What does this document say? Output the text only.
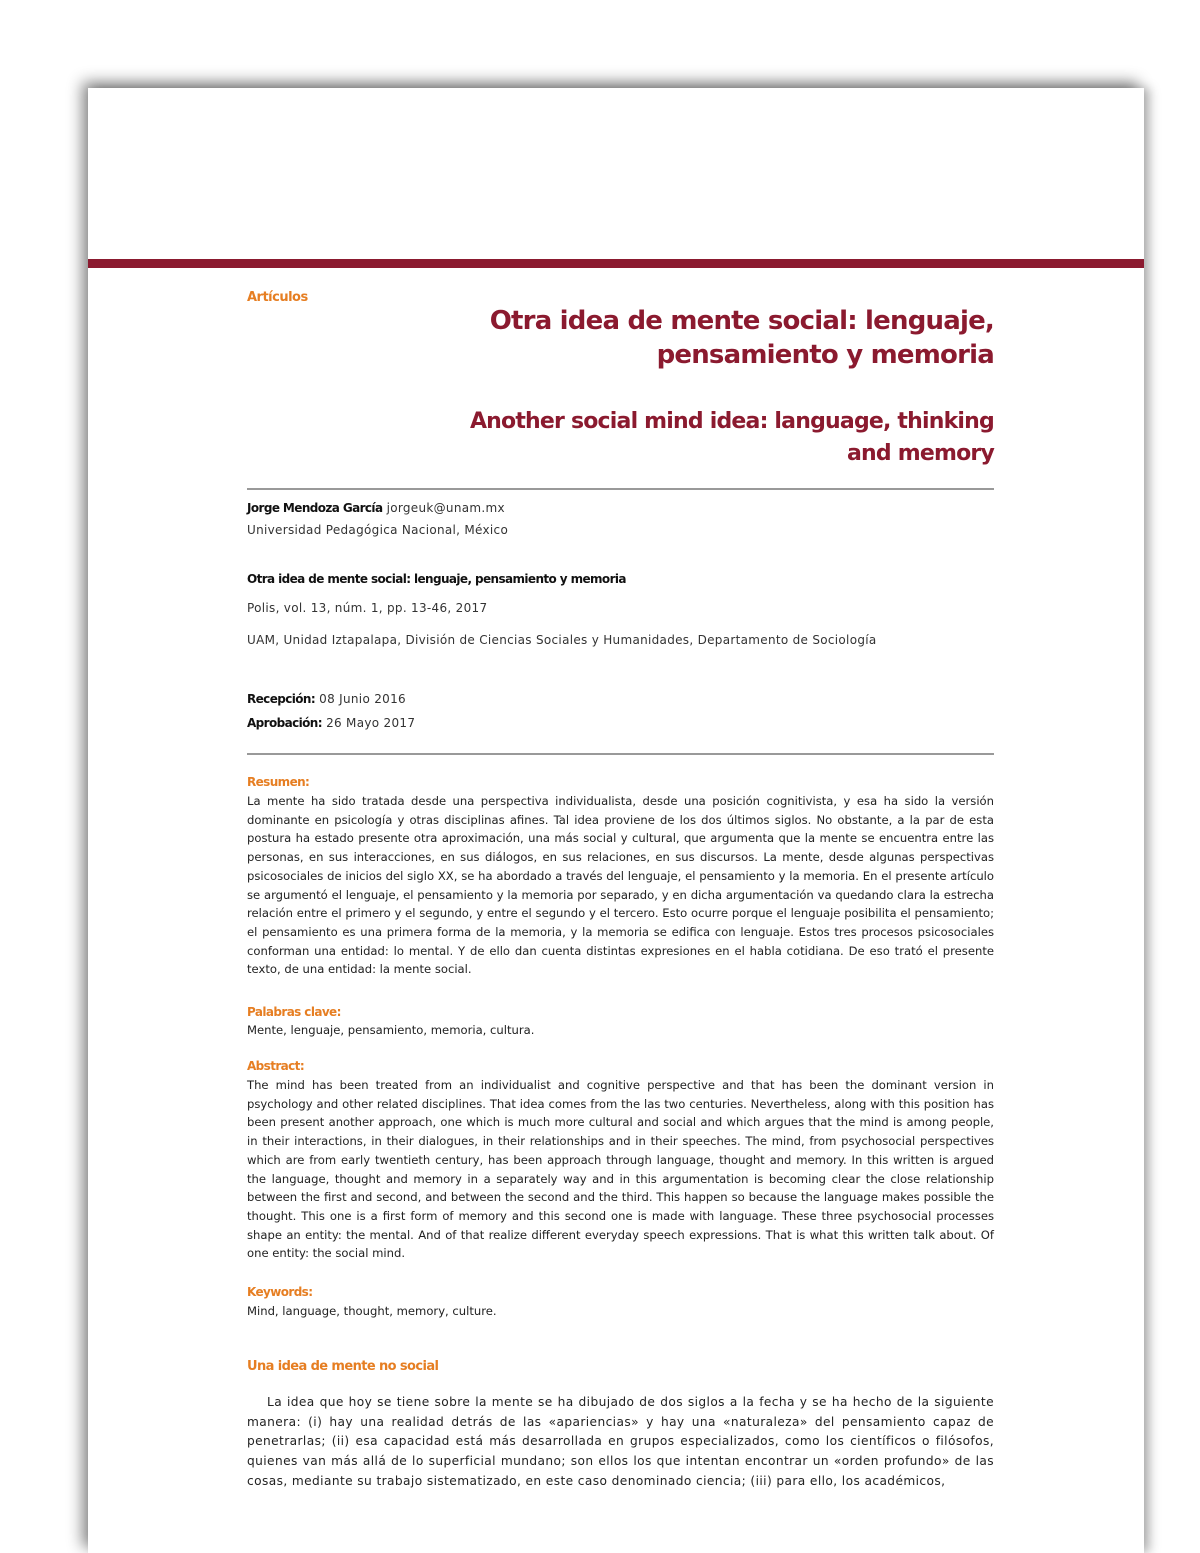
Artículos
Otra idea de mente social: lenguaje, pensamiento y memoria
Another social mind idea: language, thinking and memory
Jorge Mendoza García jorgeuk@unam.mx
Universidad Pedagógica Nacional, México
Otra idea de mente social: lenguaje, pensamiento y memoria
Polis, vol. 13, núm. 1, pp. 13-46, 2017
UAM, Unidad Iztapalapa, División de Ciencias Sociales y Humanidades, Departamento de Sociología
Recepción: 08 Junio 2016
Aprobación: 26 Mayo 2017
Resumen:

La mente ha sido tratada desde una perspectiva individualista, desde una posición cognitivista, y esa ha sido la versión dominante en psicología y otras disciplinas afines. Tal idea proviene de los dos últimos siglos. No obstante, a la par de esta postura ha estado presente otra aproximación, una más social y cultural, que argumenta que la mente se encuentra entre las personas, en sus interacciones, en sus diálogos, en sus relaciones, en sus discursos. La mente, desde algunas perspectivas psicosociales de inicios del siglo XX, se ha abordado a través del lenguaje, el pensamiento y la memoria. En el presente artículo se argumentó el lenguaje, el pensamiento y la memoria por separado, y en dicha argumentación va quedando clara la estrecha relación entre el primero y el segundo, y entre el segundo y el tercero. Esto ocurre porque el lenguaje posibilita el pensamiento; el pensamiento es una primera forma de la memoria, y la memoria se edifica con lenguaje. Estos tres procesos psicosociales conforman una entidad: lo mental. Y de ello dan cuenta distintas expresiones en el habla cotidiana. De eso trató el presente texto, de una entidad: la mente social.

Palabras clave:

Mente, lenguaje, pensamiento, memoria, cultura.

Abstract:

The mind has been treated from an individualist and cognitive perspective and that has been the dominant version in psychology and other related disciplines. That idea comes from the las two centuries. Nevertheless, along with this position has been present another approach, one which is much more cultural and social and which argues that the mind is among people, in their interactions, in their dialogues, in their relationships and in their speeches. The mind, from psychosocial perspectives which are from early twentieth century, has been approach through language, thought and memory. In this written is argued the language, thought and memory in a separately way and in this argumentation is becoming clear the close relationship between the first and second, and between the second and the third. This happen so because the language makes possible the thought. This one is a first form of memory and this second one is made with language. These three psychosocial processes shape an entity: the mental. And of that realize different everyday speech expressions. That is what this written talk about. Of one entity: the social mind.

Keywords:

Mind, language, thought, memory, culture.

Una idea de mente no social

La idea que hoy se tiene sobre la mente se ha dibujado de dos siglos a la fecha y se ha hecho de la siguiente manera: (i) hay una realidad detrás de las «apariencias» y hay una «naturaleza» del pensamiento capaz de penetrarlas; (ii) esa capacidad está más desarrollada en grupos especializados, como los científicos o filósofos, quienes van más allá de lo superficial mundano; son ellos los que intentan encontrar un «orden profundo» de las cosas, mediante su trabajo sistematizado, en este caso denominado ciencia; (iii) para ello, los académicos,
